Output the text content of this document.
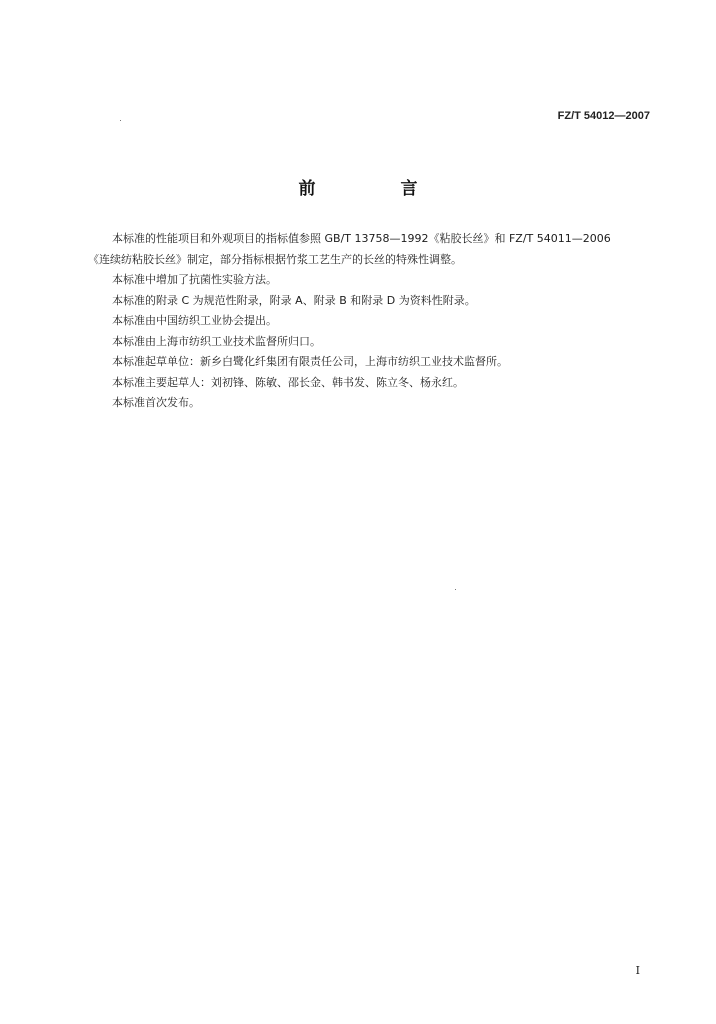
FZ/T 54012—2007
前　言
本标准的性能项目和外观项目的指标值参照 GB/T 13758—1992《粘胶长丝》和 FZ/T 54011—2006
《连续纺粘胶长丝》制定，部分指标根据竹浆工艺生产的长丝的特殊性调整。

本标准中增加了抗菌性实验方法。

本标准的附录 C 为规范性附录，附录 A、附录 B 和附录 D 为资料性附录。

本标准由中国纺织工业协会提出。

本标准由上海市纺织工业技术监督所归口。

本标准起草单位：新乡白鹭化纤集团有限责任公司，上海市纺织工业技术监督所。

本标准主要起草人：刘初锋、陈敏、邵长金、韩书发、陈立冬、杨永红。

本标准首次发布。

I
